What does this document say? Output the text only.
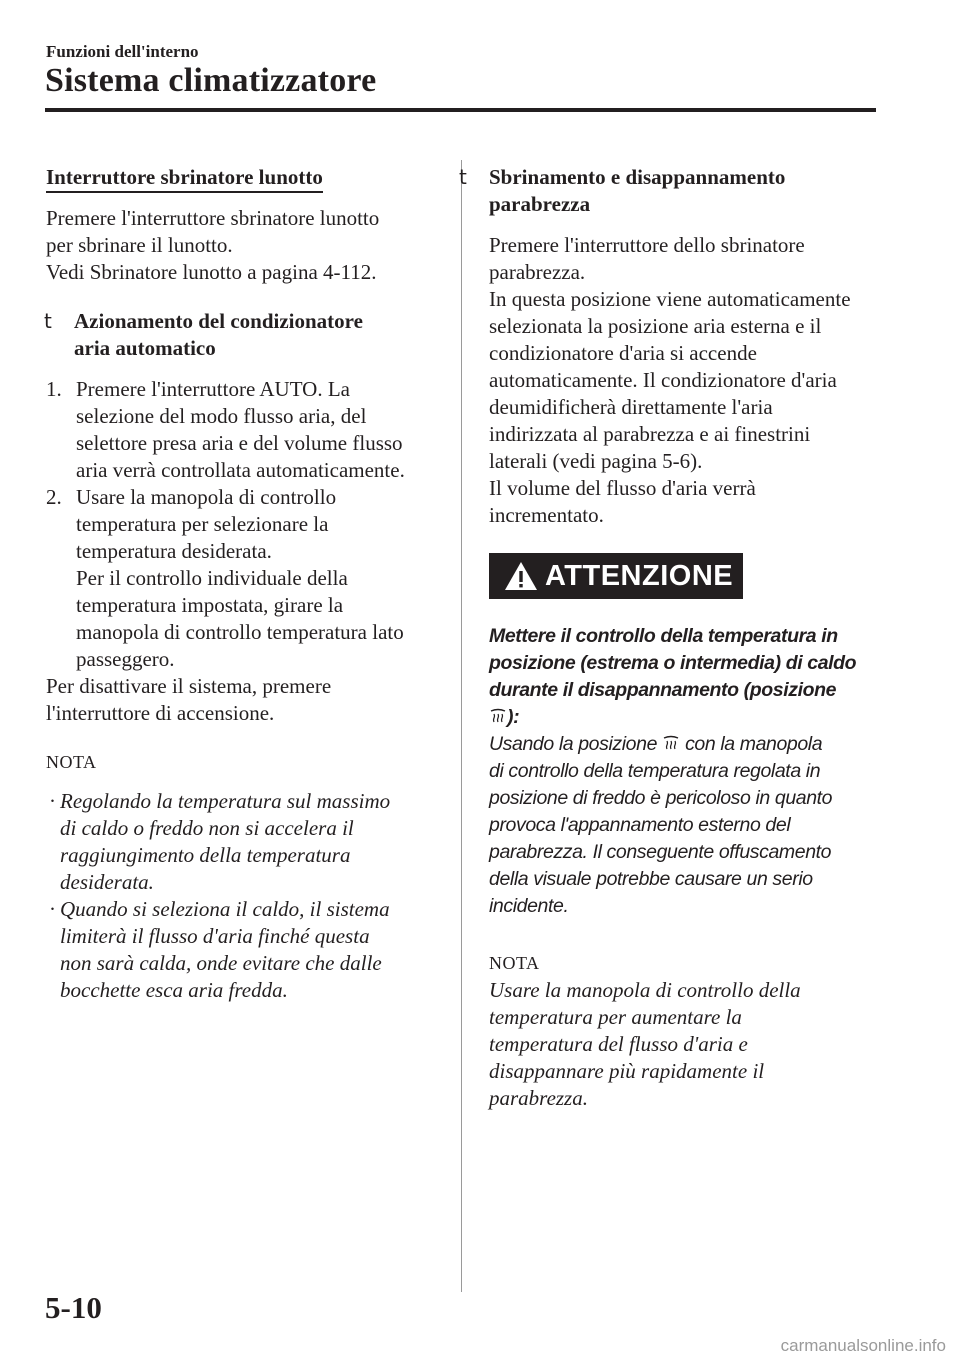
Funzioni dell'interno
Sistema climatizzatore
Interruttore sbrinatore lunotto
Premere l'interruttore sbrinatore lunotto
per sbrinare il lunotto.
Vedi Sbrinatore lunotto a pagina 4-112.
t Azionamento del condizionatore
aria automatico
1. Premere l'interruttore AUTO. La
selezione del modo flusso aria, del
selettore presa aria e del volume flusso
aria verrà controllata automaticamente.
2. Usare la manopola di controllo
temperatura per selezionare la
temperatura desiderata.
Per il controllo individuale della
temperatura impostata, girare la
manopola di controllo temperatura lato
passeggero.
Per disattivare il sistema, premere
l'interruttore di accensione.
NOTA
· Regolando la temperatura sul massimo
di caldo o freddo non si accelera il
raggiungimento della temperatura
desiderata.
· Quando si seleziona il caldo, il sistema
limiterà il flusso d'aria finché questa
non sarà calda, onde evitare che dalle
bocchette esca aria fredda.
t Sbrinamento e disappannamento
parabrezza
Premere l'interruttore dello sbrinatore
parabrezza.
In questa posizione viene automaticamente
selezionata la posizione aria esterna e il
condizionatore d'aria si accende
automaticamente. Il condizionatore d'aria
deumidificherà direttamente l'aria
indirizzata al parabrezza e ai finestrini
laterali (vedi pagina 5-6).
Il volume del flusso d'aria verrà
incrementato.
ATTENZIONE
Mettere il controllo della temperatura in
posizione (estrema o intermedia) di caldo
durante il disappannamento (posizione
):
Usando la posizione con la manopola
di controllo della temperatura regolata in
posizione di freddo è pericoloso in quanto
provoca l'appannamento esterno del
parabrezza. Il conseguente offuscamento
della visuale potrebbe causare un serio
incidente.
NOTA
Usare la manopola di controllo della
temperatura per aumentare la
temperatura del flusso d'aria e
disappannare più rapidamente il
parabrezza.
5-10
carmanualsonline.info
